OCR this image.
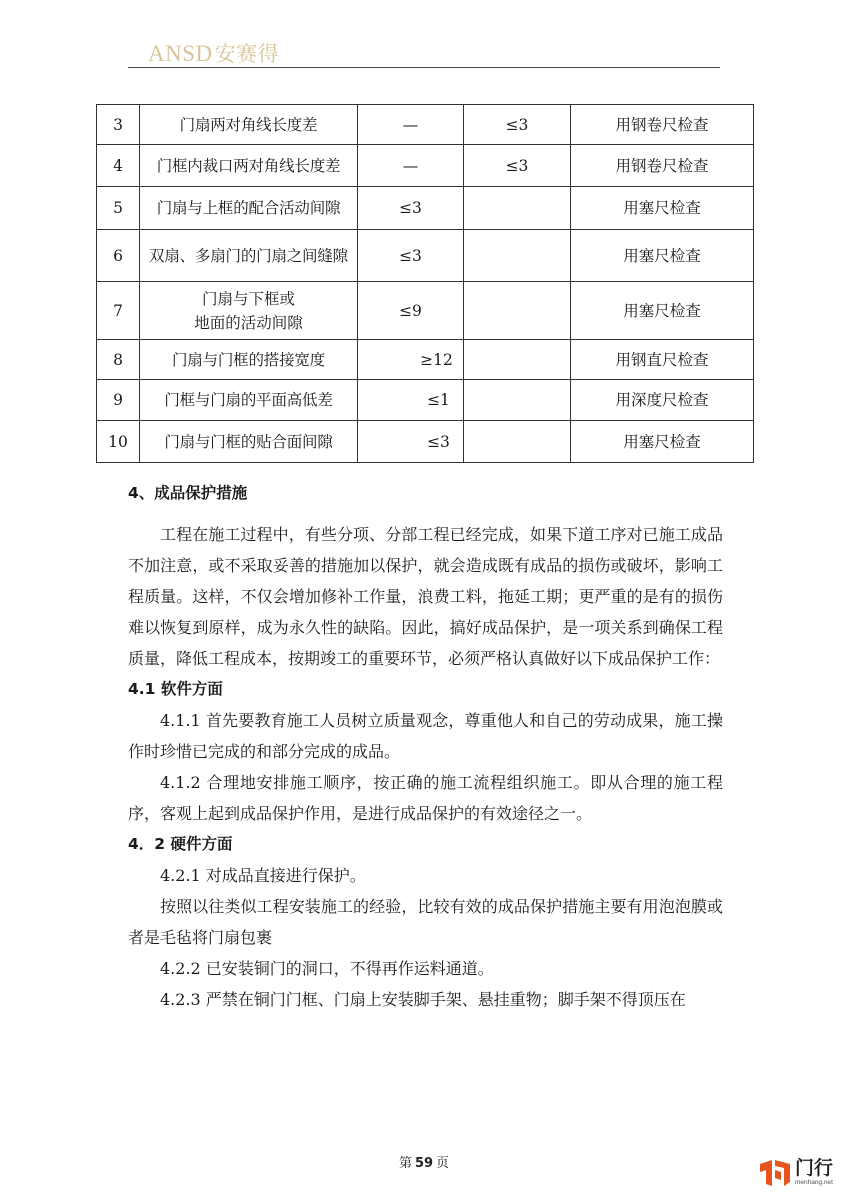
ANSD安赛得
3	门扇两对角线长度差	—	≤3	用钢卷尺检查
4	门框内裁口两对角线长度差	—	≤3	用钢卷尺检查
5	门扇与上框的配合活动间隙	≤3		用塞尺检查
6	双扇、多扇门的门扇之间缝隙	≤3		用塞尺检查
7	门扇与下框或
地面的活动间隙	≤9		用塞尺检查
8	门扇与门框的搭接宽度	≥12		用钢直尺检查
9	门框与门扇的平面高低差	≤1		用深度尺检查
10	门扇与门框的贴合面间隙	≤3		用塞尺检查
4、成品保护措施

工程在施工过程中，有些分项、分部工程已经完成，如果下道工序对已施工成品不加注意，或不采取妥善的措施加以保护，就会造成既有成品的损伤或破坏，影响工程质量。这样，不仅会增加修补工作量，浪费工料，拖延工期；更严重的是有的损伤难以恢复到原样，成为永久性的缺陷。因此，搞好成品保护，是一项关系到确保工程质量，降低工程成本，按期竣工的重要环节，必须严格认真做好以下成品保护工作：

4.1 软件方面

4.1.1 首先要教育施工人员树立质量观念，尊重他人和自己的劳动成果，施工操作时珍惜已完成的和部分完成的成品。

4.1.2 合理地安排施工顺序，按正确的施工流程组织施工。即从合理的施工程序，客观上起到成品保护作用，是进行成品保护的有效途径之一。

4．2 硬件方面

4.2.1 对成品直接进行保护。

按照以往类似工程安装施工的经验，比较有效的成品保护措施主要有用泡泡膜或者是毛毡将门扇包裹

4.2.2 已安装铜门的洞口，不得再作运料通道。

4.2.3 严禁在铜门门框、门扇上安装脚手架、悬挂重物；脚手架不得顶压在

第 59 页	门行
menhang.net
